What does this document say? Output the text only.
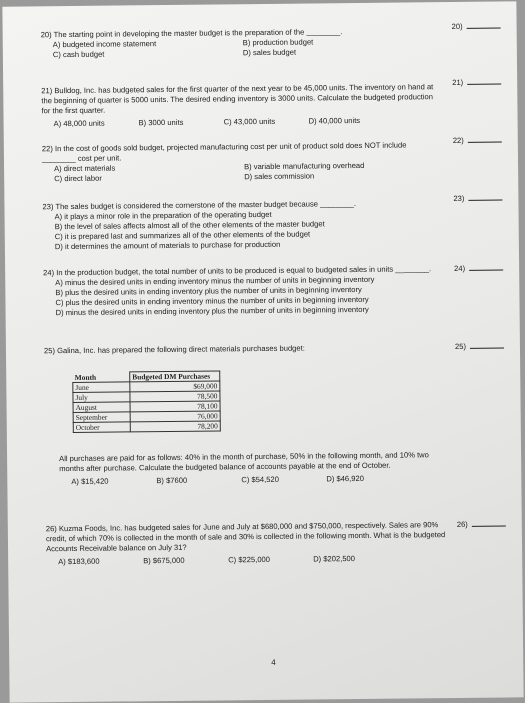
20) The starting point in developing the master budget is the preparation of the ________.
A) budgeted income statement	B) production budget
C) cash budget	D) sales budget
20)
21) Bulldog, Inc. has budgeted sales for the first quarter of the next year to be 45,000 units. The inventory on hand at the beginning of quarter is 5000 units. The desired ending inventory is 3000 units. Calculate the budgeted production for the first quarter.
A) 48,000 units	B) 3000 units	C) 43,000 units	D) 40,000 units
21)
22) In the cost of goods sold budget, projected manufacturing cost per unit of product sold does NOT include ________ cost per unit.
A) direct materials	B) variable manufacturing overhead
C) direct labor	D) sales commission
22)
23) The sales budget is considered the cornerstone of the master budget because ________.
A) it plays a minor role in the preparation of the operating budget
B) the level of sales affects almost all of the other elements of the master budget
C) it is prepared last and summarizes all of the other elements of the budget
D) it determines the amount of materials to purchase for production
23)
24) In the production budget, the total number of units to be produced is equal to budgeted sales in units ________.
A) minus the desired units in ending inventory minus the number of units in beginning inventory
B) plus the desired units in ending inventory plus the number of units in beginning inventory
C) plus the desired units in ending inventory minus the number of units in beginning inventory
D) minus the desired units in ending inventory plus the number of units in beginning inventory
24)
25) Galina, Inc. has prepared the following direct materials purchases budget:	25)
Month	Budgeted DM Purchases
June	$69,000
July	78,500
August	78,100
September	76,000
October	78,200
All purchases are paid for as follows: 40% in the month of purchase, 50% in the following month, and 10% two months after purchase. Calculate the budgeted balance of accounts payable at the end of October.
A) $15,420	B) $7600	C) $54,520	D) $46,920
26) Kuzma Foods, Inc. has budgeted sales for June and July at $680,000 and $750,000, respectively. Sales are 90% credit, of which 70% is collected in the month of sale and 30% is collected in the following month. What is the budgeted Accounts Receivable balance on July 31?
A) $183,600	B) $675,000	C) $225,000	D) $202,500
26)
4
